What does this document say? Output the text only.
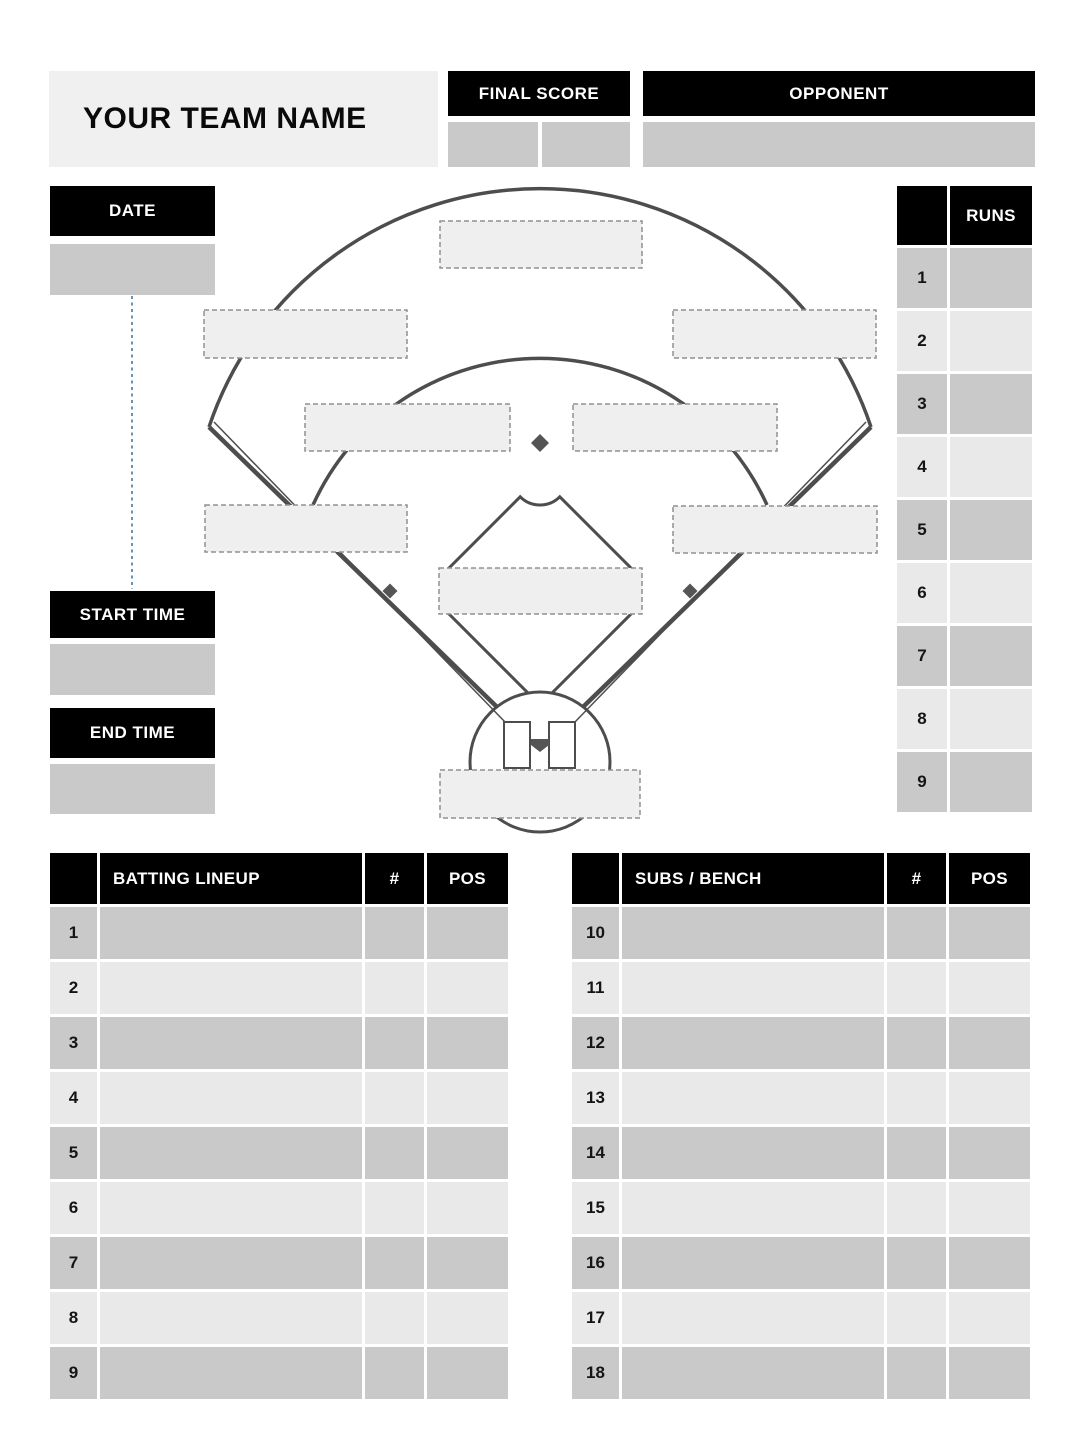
YOUR TEAM NAME
FINAL SCORE	OPPONENT
DATE
START TIME
END TIME
RUNS
1
2
3
4
5
6
7
8
9
BATTING LINEUP	#	POS
1
2
3
4
5
6
7
8
9
SUBS / BENCH	#	POS
10
11
12
13
14
15
16
17
18
